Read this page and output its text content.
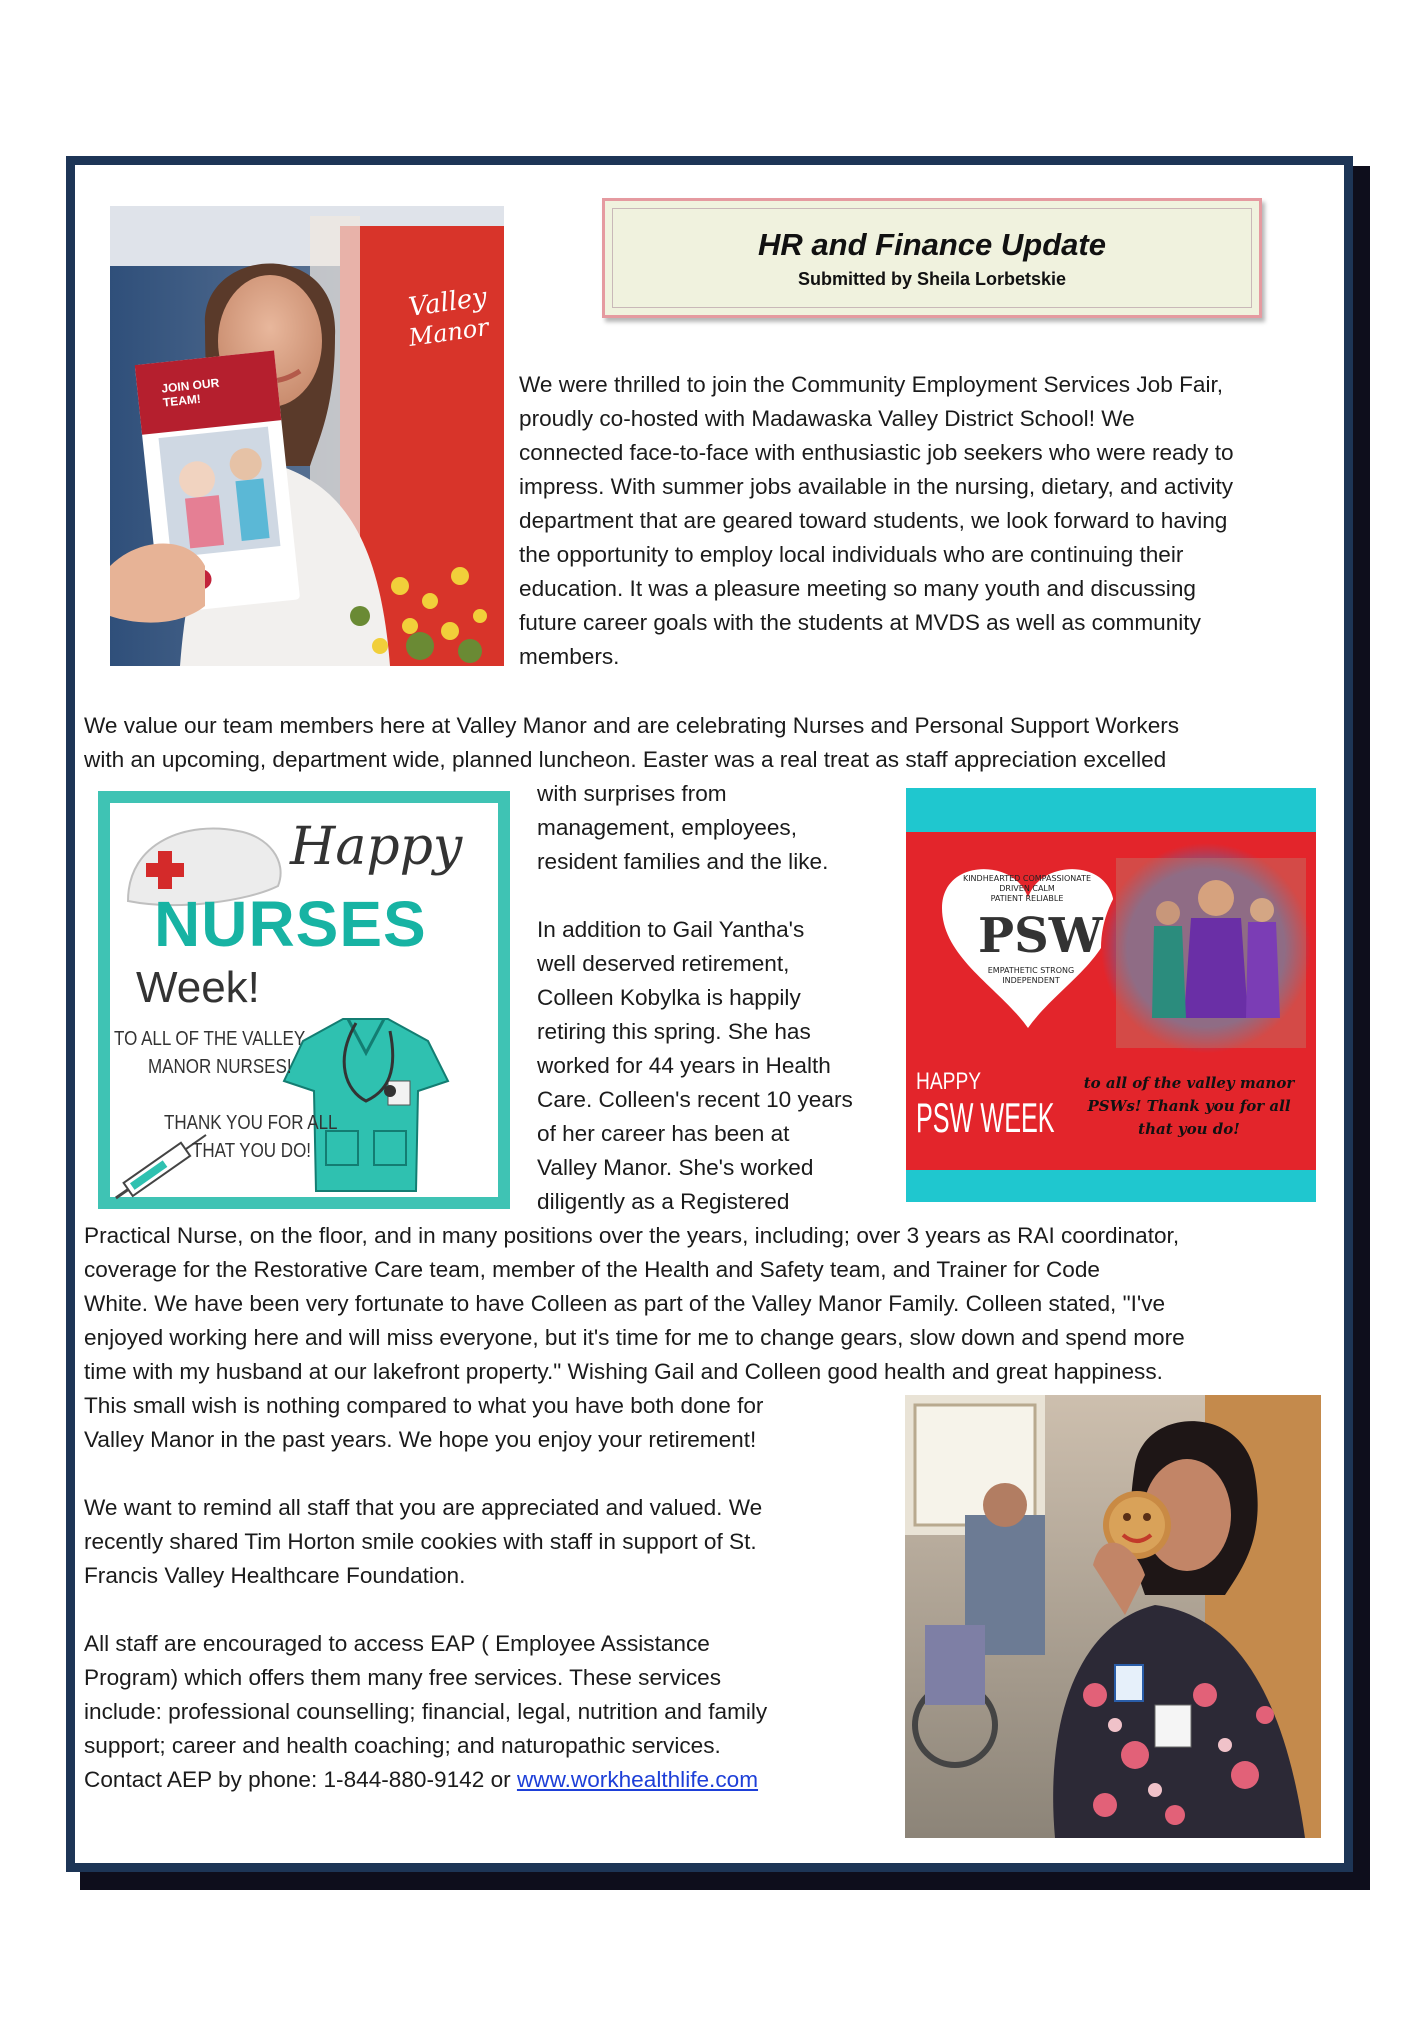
Valley
Manor
JOIN OUR TEAM!
HR and Finance Update
Submitted by Sheila Lorbetskie
We were thrilled to join the Community Employment Services Job Fair,
proudly co-hosted with Madawaska Valley District School! We
connected face-to-face with enthusiastic job seekers who were ready to
impress. With summer jobs available in the nursing, dietary, and activity
department that are geared toward students, we look forward to having
the opportunity to employ local individuals who are continuing their
education. It was a pleasure meeting so many youth and discussing
future career goals with the students at MVDS as well as community
members.
We value our team members here at Valley Manor and are celebrating Nurses and Personal Support Workers
with an upcoming, department wide, planned luncheon. Easter was a real treat as staff appreciation excelled
with surprises from
management, employees,
resident families and the like.
In addition to Gail Yantha's
well deserved retirement,
Colleen Kobylka is happily
retiring this spring. She has
worked for 44 years in Health
Care. Colleen's recent 10 years
of her career has been at
Valley Manor. She's worked
diligently as a Registered
Practical Nurse, on the floor, and in many positions over the years, including; over 3 years as RAI coordinator,
coverage for the Restorative Care team, member of the Health and Safety team, and Trainer for Code
White. We have been very fortunate to have Colleen as part of the Valley Manor Family. Colleen stated, "I've
enjoyed working here and will miss everyone, but it's time for me to change gears, slow down and spend more
time with my husband at our lakefront property." Wishing Gail and Colleen good health and great happiness.
This small wish is nothing compared to what you have both done for
Valley Manor in the past years. We hope you enjoy your retirement!
We want to remind all staff that you are appreciated and valued. We
recently shared Tim Horton smile cookies with staff in support of St.
Francis Valley Healthcare Foundation.
All staff are encouraged to access EAP ( Employee Assistance
Program) which offers them many free services. These services
include: professional counselling; financial, legal, nutrition and family
support; career and health coaching; and naturopathic services.
Contact AEP by phone: 1-844-880-9142 or www.workhealthlife.com
Happy
NURSES
Week!
TO ALL OF THE VALLEY
MANOR NURSES!
THANK YOU FOR ALL
THAT YOU DO!
KINDHEARTED COMPASSIONATE
DRIVEN CALM
PATIENT RELIABLE
PSW
EMPATHETIC STRONG
INDEPENDENT
HAPPY
PSW WEEK
to all of the valley manor
PSWs! Thank you for all
that you do!
